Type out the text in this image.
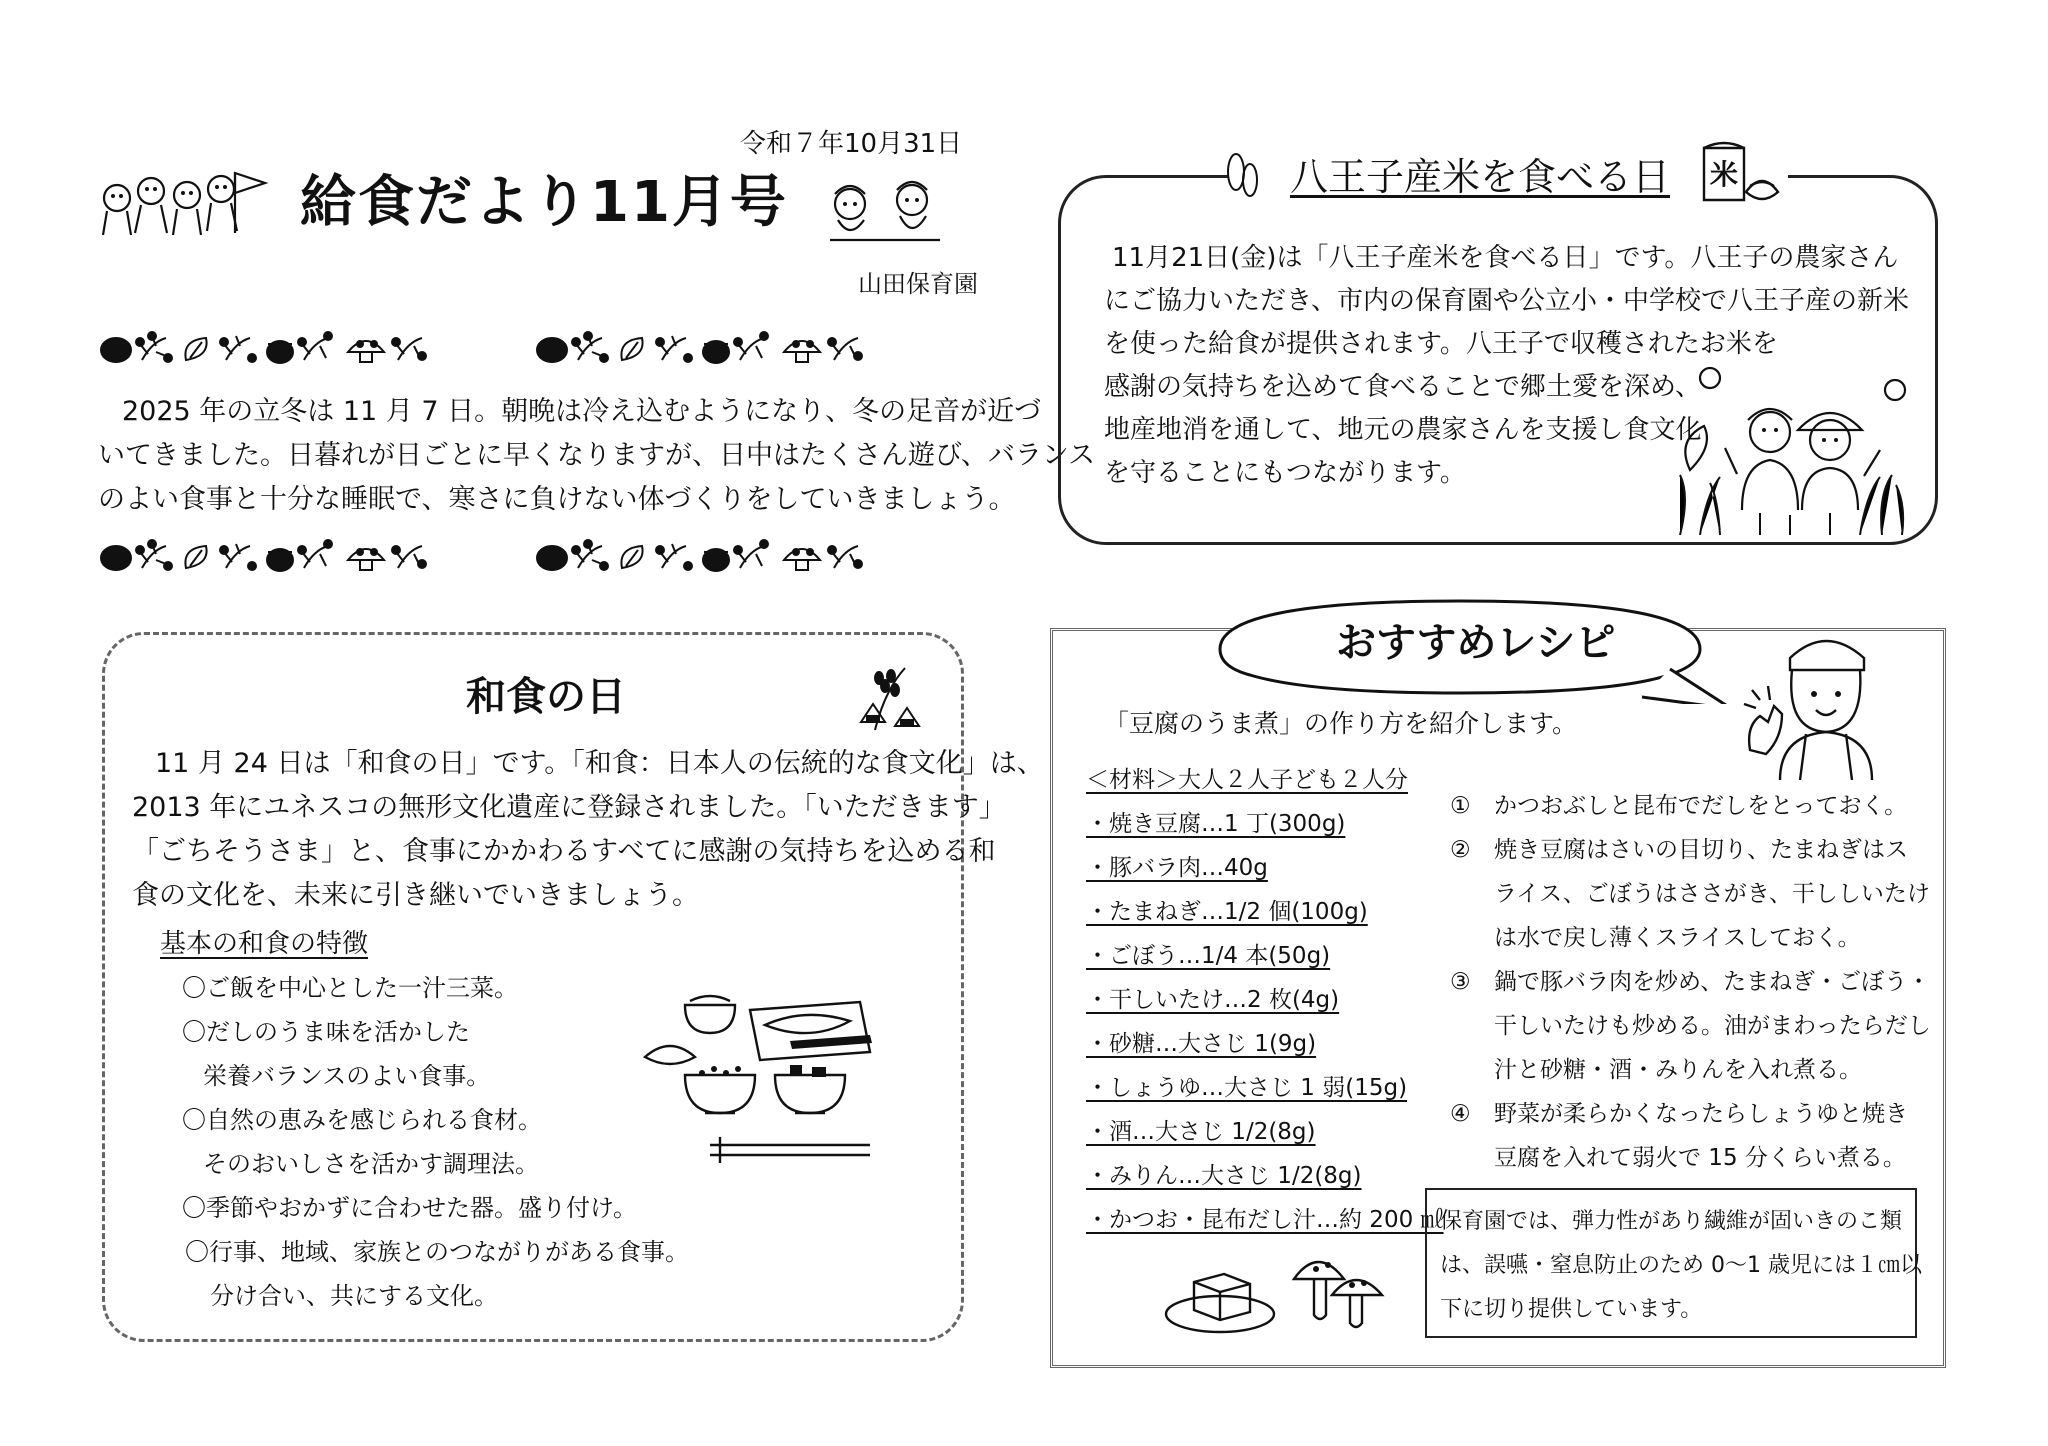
令和７年10月31日
給食だより11月号
山田保育園
2025 年の立冬は 11 月 7 日。朝晩は冷え込むようになり、冬の足音が近づ
いてきました。日暮れが日ごとに早くなりますが、日中はたくさん遊び、バランス
のよい食事と十分な睡眠で、寒さに負けない体づくりをしていきましょう。
和食の日
11 月 24 日は「和食の日」です。「和食：日本人の伝統的な食文化」は、
2013 年にユネスコの無形文化遺産に登録されました。「いただきます」
「ごちそうさま」と、食事にかかわるすべてに感謝の気持ちを込める和
食の文化を、未来に引き継いでいきましょう。
基本の和食の特徴
〇ご飯を中心とした一汁三菜。
〇だしのうま味を活かした
栄養バランスのよい食事。
〇自然の恵みを感じられる食材。
そのおいしさを活かす調理法。
〇季節やおかずに合わせた器。盛り付け。
〇行事、地域、家族とのつながりがある食事。
分け合い、共にする文化。
八王子産米を食べる日 米
11月21日(金)は「八王子産米を食べる日」です。八王子の農家さん
にご協力いただき、市内の保育園や公立小・中学校で八王子産の新米
を使った給食が提供されます。八王子で収穫されたお米を
感謝の気持ちを込めて食べることで郷土愛を深め、
地産地消を通して、地元の農家さんを支援し食文化
を守ることにもつながります。
おすすめレシピ
「豆腐のうま煮」の作り方を紹介します。
＜材料＞大人２人子ども２人分
・焼き豆腐…1 丁(300g)
・豚バラ肉…40g
・たまねぎ…1/2 個(100g)
・ごぼう…1/4 本(50g)
・干しいたけ…2 枚(4g)
・砂糖…大さじ 1(9g)
・しょうゆ…大さじ 1 弱(15g)
・酒…大さじ 1/2(8g)
・みりん…大さじ 1/2(8g)
・かつお・昆布だし汁…約 200 ㎖
① かつおぶしと昆布でだしをとっておく。
② 焼き豆腐はさいの目切り、たまねぎはス
ライス、ごぼうはささがき、干ししいたけ
は水で戻し薄くスライスしておく。
③ 鍋で豚バラ肉を炒め、たまねぎ・ごぼう・
干しいたけも炒める。油がまわったらだし
汁と砂糖・酒・みりんを入れ煮る。
④ 野菜が柔らかくなったらしょうゆと焼き
豆腐を入れて弱火で 15 分くらい煮る。
保育園では、弾力性があり繊維が固いきのこ類
は、誤嚥・窒息防止のため 0～1 歳児には１㎝以
下に切り提供しています。
